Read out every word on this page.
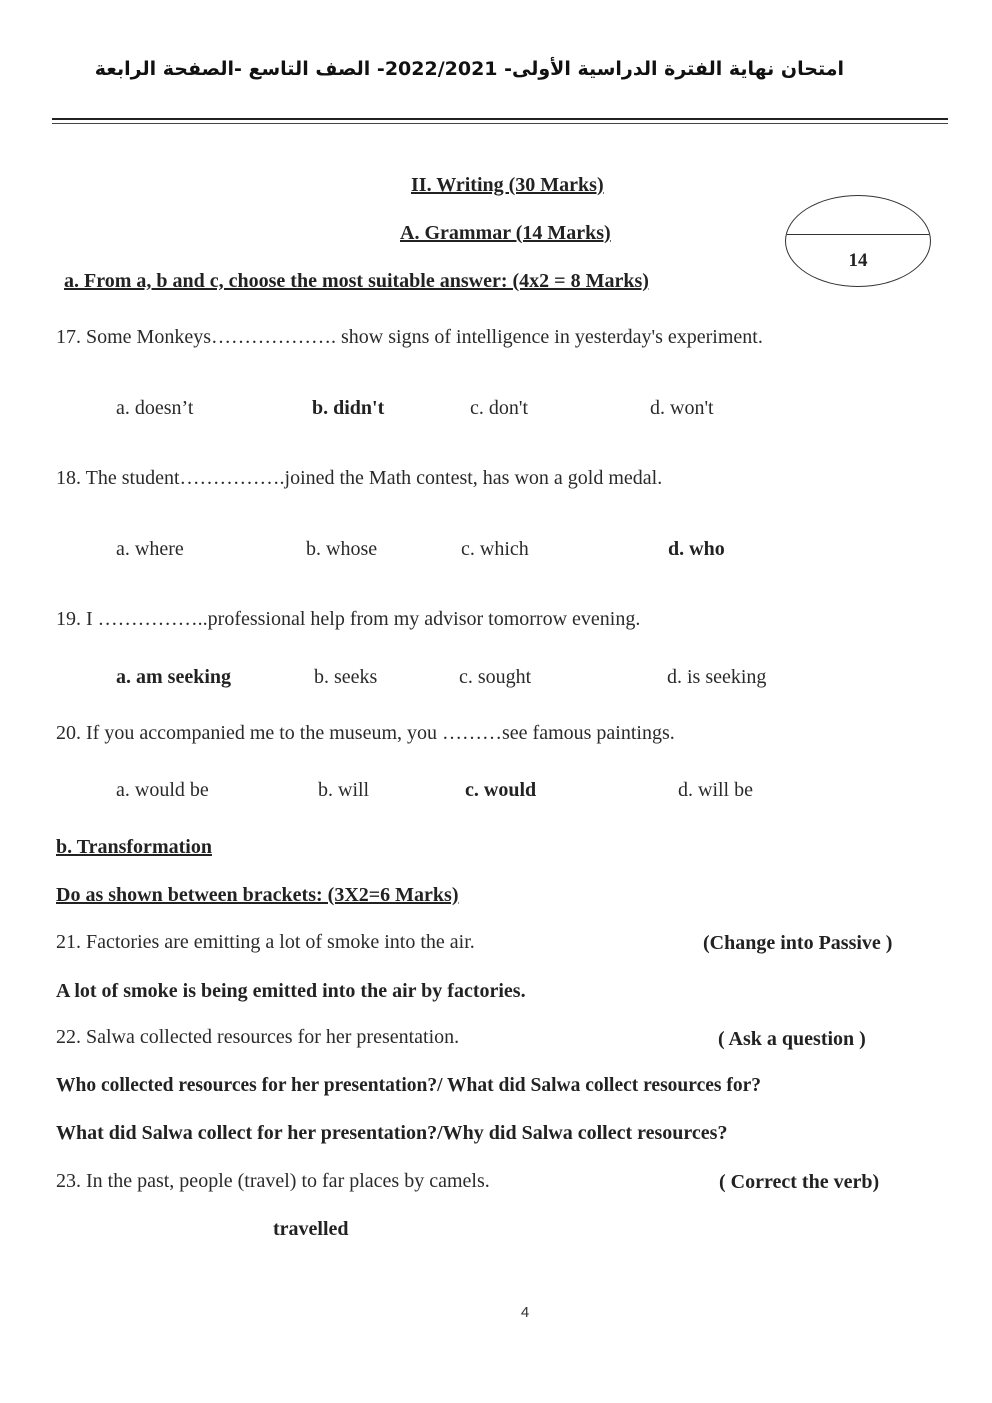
امتحان نهاية الفترة الدراسية الأولى- 2022/2021- الصف التاسع -الصفحة الرابعة
II. Writing (30 Marks)
A. Grammar (14 Marks)
14
a. From a, b and c, choose the most suitable answer: (4x2 = 8 Marks)
17. Some Monkeys………………. show signs of intelligence in yesterday's experiment.
a. doesn’t	b. didn't	c. don't	d. won't
18. The student…………….joined the Math contest, has won a gold medal.
a. where	b. whose	c. which	d. who
19. I ……………..professional help from my advisor tomorrow evening.
a. am seeking	b. seeks	c. sought	d. is seeking
20. If you accompanied me to the museum, you ………see famous paintings.
a. would be	b. will	c. would	d. will be
b. Transformation
Do as shown between brackets: (3X2=6 Marks)
21. Factories are emitting a lot of smoke into the air.	(Change into Passive )
A lot of smoke is being emitted into the air by factories.
22. Salwa collected resources for her presentation.	( Ask a question )
Who collected resources for her presentation?/ What did Salwa collect resources for?
What did Salwa collect for her presentation?/Why did Salwa collect resources?
23. In the past, people (travel) to far places by camels.	( Correct the verb)
travelled
4
